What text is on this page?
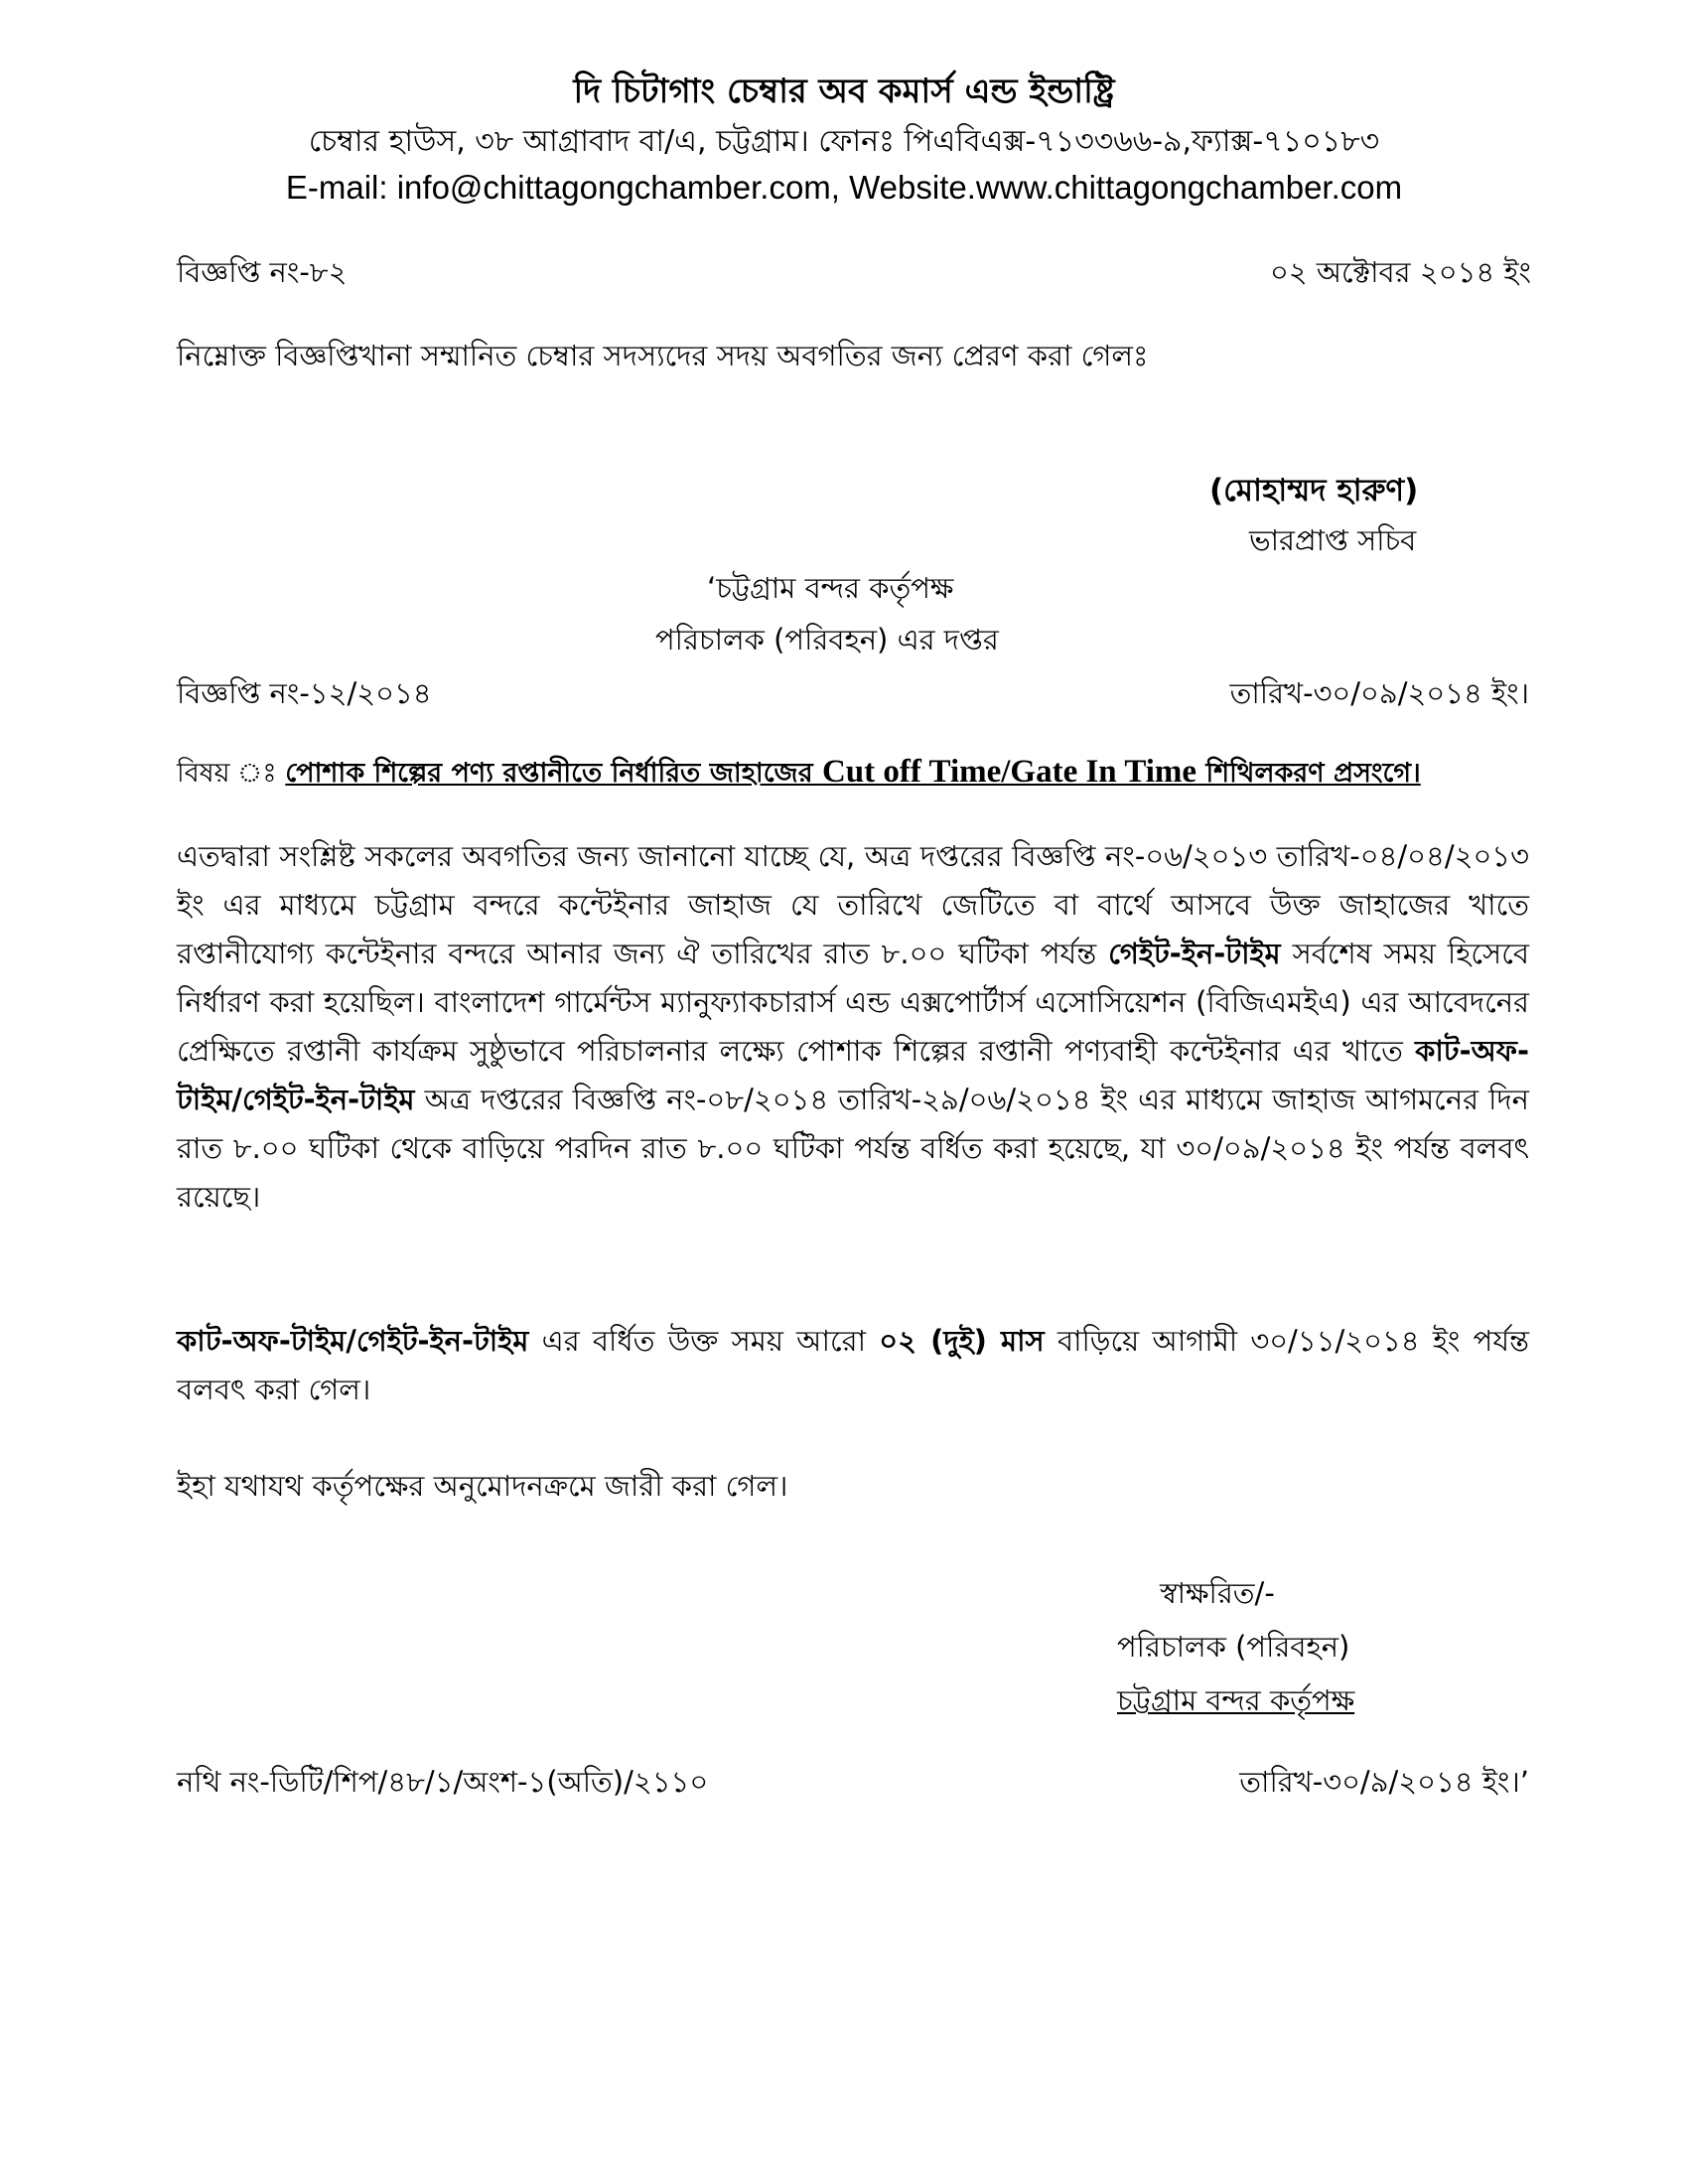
দি চিটাগাং চেম্বার অব কমার্স এন্ড ইন্ডাষ্ট্রি
চেম্বার হাউস, ৩৮ আগ্রাবাদ বা/এ, চট্টগ্রাম। ফোনঃ পিএবিএক্স-৭১৩৩৬৬-৯,ফ্যাক্স-৭১০১৮৩
E-mail: info@chittagongchamber.com, Website.www.chittagongchamber.com
বিজ্ঞপ্তি নং-৮২	০২ অক্টোবর ২০১৪ ইং
নিম্নোক্ত বিজ্ঞপ্তিখানা সম্মানিত চেম্বার সদস্যদের সদয় অবগতির জন্য প্রেরণ করা গেলঃ
(মোহাম্মদ হারুণ)
ভারপ্রাপ্ত সচিব
‘চট্টগ্রাম বন্দর কর্তৃপক্ষ
পরিচালক (পরিবহন) এর দপ্তর
বিজ্ঞপ্তি নং-১২/২০১৪	তারিখ-৩০/০৯/২০১৪ ইং।
বিষয় ঃ পোশাক শিল্পের পণ্য রপ্তানীতে নির্ধারিত জাহাজের Cut off Time/Gate In Time শিথিলকরণ প্রসংগে।
এতদ্বারা সংশ্লিষ্ট সকলের অবগতির জন্য জানানো যাচ্ছে যে, অত্র দপ্তরের বিজ্ঞপ্তি নং-০৬/২০১৩ তারিখ-০৪/০৪/২০১৩ ইং এর মাধ্যমে চট্টগ্রাম বন্দরে কন্টেইনার জাহাজ যে তারিখে জেটিতে বা বার্থে আসবে উক্ত জাহাজের খাতে রপ্তানীযোগ্য কন্টেইনার বন্দরে আনার জন্য ঐ তারিখের রাত ৮.০০ ঘটিকা পর্যন্ত গেইট-ইন-টাইম সর্বশেষ সময় হিসেবে নির্ধারণ করা হয়েছিল। বাংলাদেশ গার্মেন্টস ম্যানুফ্যাকচারার্স এন্ড এক্সপোর্টার্স এসোসিয়েশন (বিজিএমইএ) এর আবেদনের প্রেক্ষিতে রপ্তানী কার্যক্রম সুষ্ঠুভাবে পরিচালনার লক্ষ্যে পোশাক শিল্পের রপ্তানী পণ্যবাহী কন্টেইনার এর খাতে কাট-অফ-টাইম/গেইট-ইন-টাইম অত্র দপ্তরের বিজ্ঞপ্তি নং-০৮/২০১৪ তারিখ-২৯/০৬/২০১৪ ইং এর মাধ্যমে জাহাজ আগমনের দিন রাত ৮.০০ ঘটিকা থেকে বাড়িয়ে পরদিন রাত ৮.০০ ঘটিকা পর্যন্ত বর্ধিত করা হয়েছে, যা ৩০/০৯/২০১৪ ইং পর্যন্ত বলবৎ রয়েছে।
কাট-অফ-টাইম/গেইট-ইন-টাইম এর বর্ধিত উক্ত সময় আরো ০২ (দুই) মাস বাড়িয়ে আগামী ৩০/১১/২০১৪ ইং পর্যন্ত বলবৎ করা গেল।
ইহা যথাযথ কর্তৃপক্ষের অনুমোদনক্রমে জারী করা গেল।
স্বাক্ষরিত/-
পরিচালক (পরিবহন)
চট্টগ্রাম বন্দর কর্তৃপক্ষ
নথি নং-ডিটি/শিপ/৪৮/১/অংশ-১(অতি)/২১১০	তারিখ-৩০/৯/২০১৪ ইং।’
